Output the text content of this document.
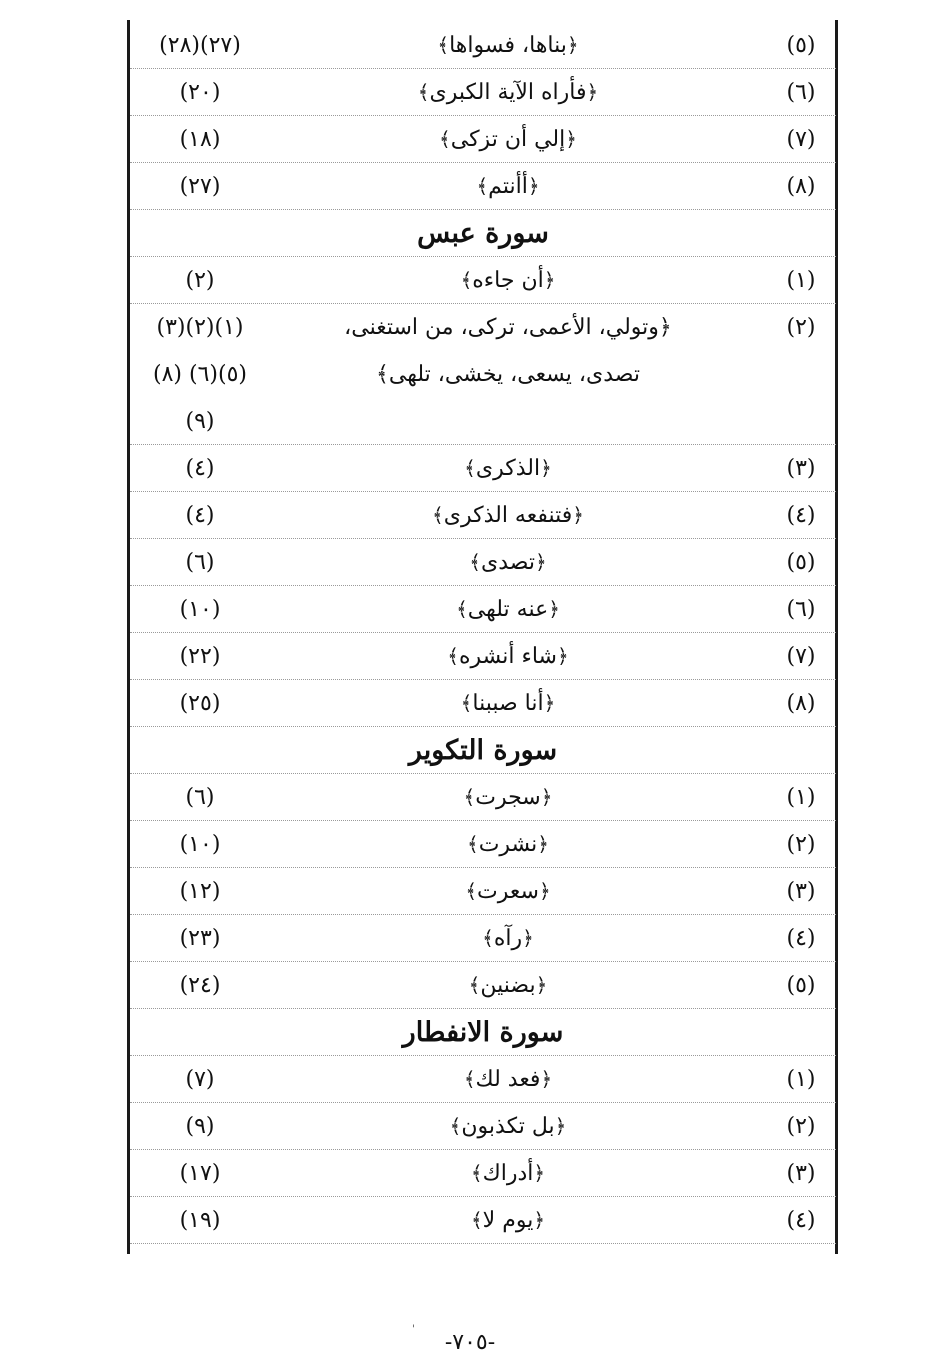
(٥)
﴿بناها، فسواها﴾
(٢٧)(٢٨)
(٦)
﴿فأراه الآية الكبرى﴾
(٢٠)
(٧)
﴿إلي أن تزكى﴾
(١٨)
(٨)
﴿أأنتم﴾
(٢٧)
سورة عبس
(١)
﴿أن جاءه﴾
(٢)
(٢)
﴿وتولي، الأعمى، تركى، من استغنى،
تصدى، يسعى، يخشى، تلهى﴾
(١)(٢)(٣)
(٥)(٦) (٨)
(٩)
(٣)
﴿الذكرى﴾
(٤)
(٤)
﴿فتنفعه الذكرى﴾
(٤)
(٥)
﴿تصدى﴾
(٦)
(٦)
﴿عنه تلهى﴾
(١٠)
(٧)
﴿شاء أنشره﴾
(٢٢)
(٨)
﴿أنا صببنا﴾
(٢٥)
سورة التكوير
(١)
﴿سجرت﴾
(٦)
(٢)
﴿نشرت﴾
(١٠)
(٣)
﴿سعرت﴾
(١٢)
(٤)
﴿رآه﴾
(٢٣)
(٥)
﴿بضنين﴾
(٢٤)
سورة الانفطار
(١)
﴿فعد لك﴾
(٧)
(٢)
﴿بل تكذبون﴾
(٩)
(٣)
﴿أدراك﴾
(١٧)
(٤)
﴿يوم لا﴾
(١٩)
'
-٧٠٥-
